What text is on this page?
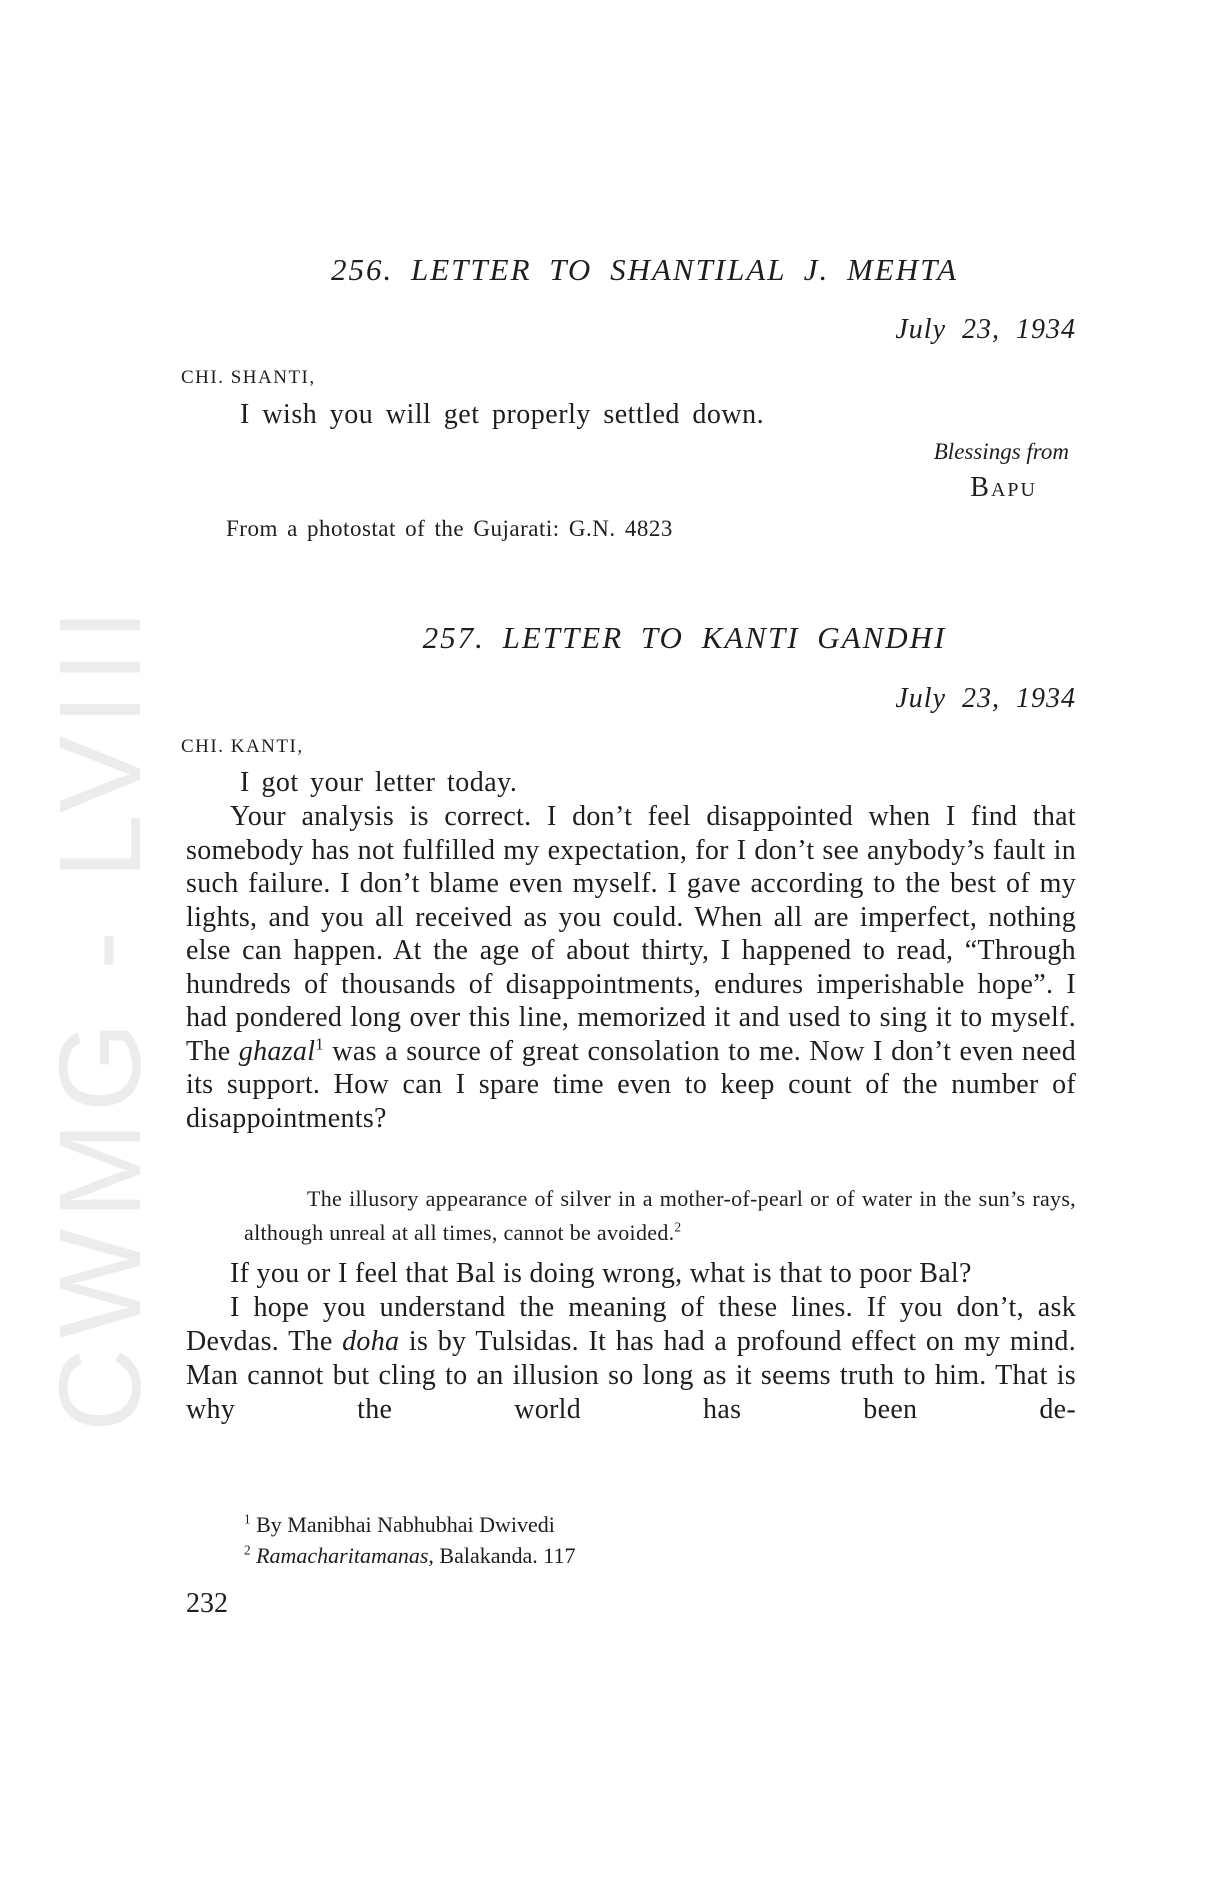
CWMG - LVIII
256. LETTER TO SHANTILAL J. MEHTA
July 23, 1934
CHI. SHANTI,
I wish you will get properly settled down.
Blessings from
BAPU
From a photostat of the Gujarati: G.N. 4823
257. LETTER TO KANTI GANDHI
July 23, 1934
CHI. KANTI,
I got your letter today.

Your analysis is correct. I don’t feel disappointed when I find that somebody has not fulfilled my expectation, for I don’t see anybody’s fault in such failure. I don’t blame even myself. I gave according to the best of my lights, and you all received as you could. When all are imperfect, nothing else can happen. At the age of about thirty, I happened to read, “Through hundreds of thousands of disappointments, endures imperishable hope”. I had pondered long over this line, memorized it and used to sing it to myself. The ghazal$^1$ was a source of great consolation to me. Now I don’t even need its support. How can I spare time even to keep count of the number of disappointments?

The illusory appearance of silver in a mother-of-pearl or of water in the sun’s rays, although unreal at all times, cannot be avoided.$^2$

If you or I feel that Bal is doing wrong, what is that to poor Bal?

I hope you understand the meaning of these lines. If you don’t, ask Devdas. The doha is by Tulsidas. It has had a profound effect on my mind. Man cannot but cling to an illusion so long as it seems truth to him. That is why the world has been de-

$^1$ By Manibhai Nabhubhai Dwivedi
$^2$ Ramacharitamanas, Balakanda. 117
232
